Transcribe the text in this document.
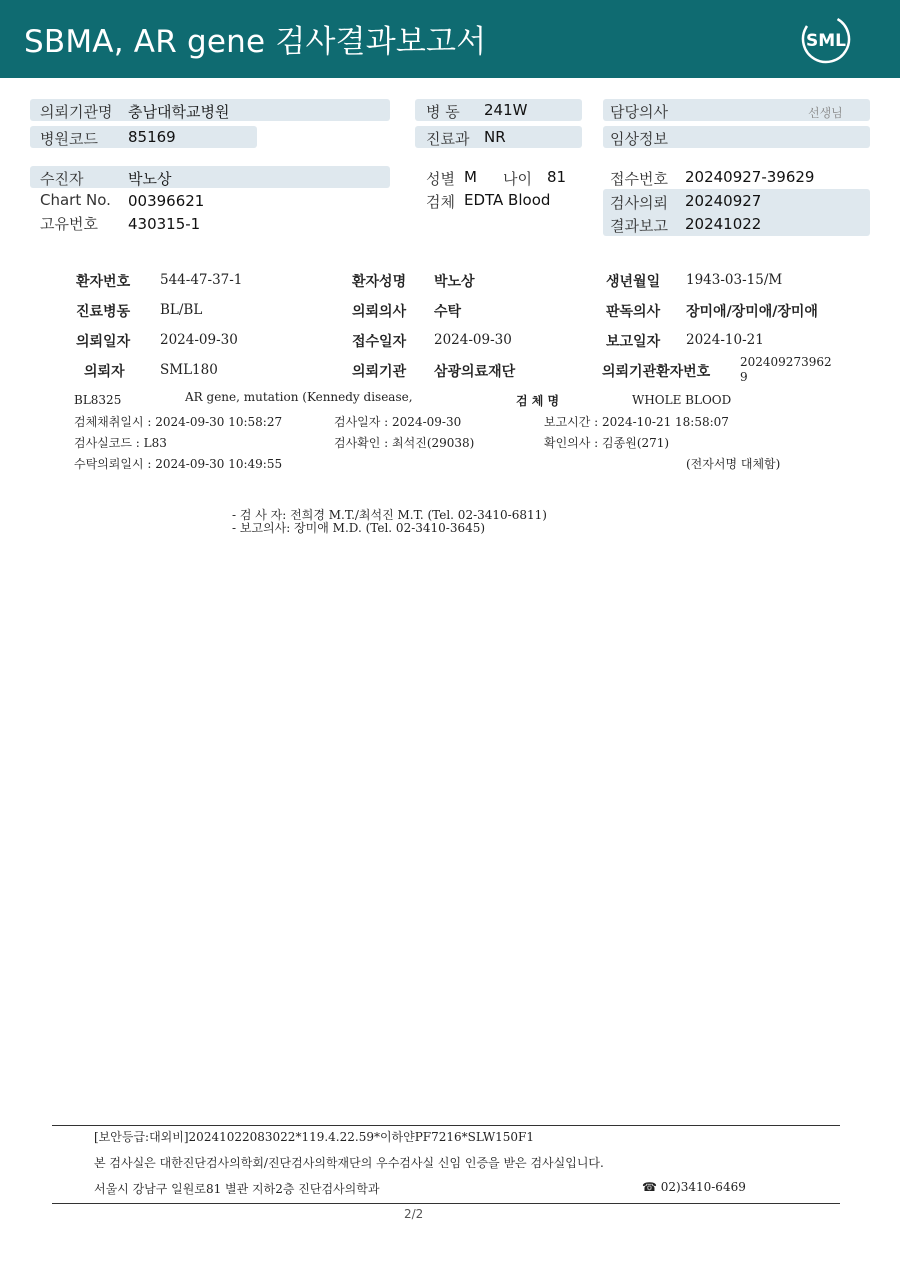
SBMA, AR gene 검사결과보고서	SML
의뢰기관명 충남대학교병원	병 동 241W	담당의사	선생님
병원코드 85169	진료과 NR	임상정보
수진자	박노상	성별 M 나이 81	접수번호 20240927-39629
Chart No. 00396621	검체 EDTA Blood	검사의뢰 20240927
고유번호 430315-1	결과보고 20241022
환자번호 544-47-37-1	환자성명 박노상	생년월일 1943-03-15/M
진료병동 BL/BL	의뢰의사 수탁	판독의사 장미애/장미애/장미애
의뢰일자 2024-09-30	접수일자 2024-09-30	보고일자 2024-10-21
의뢰자	SML180	의뢰기관 삼광의료재단	의뢰기관환자번호
202409273962
9
BL8325	AR gene, mutation (Kennedy disease,	검 체 명	WHOLE BLOOD
검체채취일시 : 2024-09-30 10:58:27	검사일자 : 2024-09-30	보고시간 : 2024-10-21 18:58:07
검사실코드 : L83	검사확인 : 최석진(29038)	확인의사 : 김종원(271)
수탁의뢰일시 : 2024-09-30 10:49:55	(전자서명 대체함)
- 검 사 자: 전희경 M.T./최석진 M.T. (Tel. 02-3410-6811)
- 보고의사: 장미애 M.D. (Tel. 02-3410-3645)
[보안등급:대외비]20241022083022*119.4.22.59*이하얀PF7216*SLW150F1
본 검사실은 대한진단검사의학회/진단검사의학재단의 우수검사실 신임 인증을 받은 검사실입니다.
서울시 강남구 일원로81 별관 지하2층 진단검사의학과	☎ 02)3410-6469
2/2
